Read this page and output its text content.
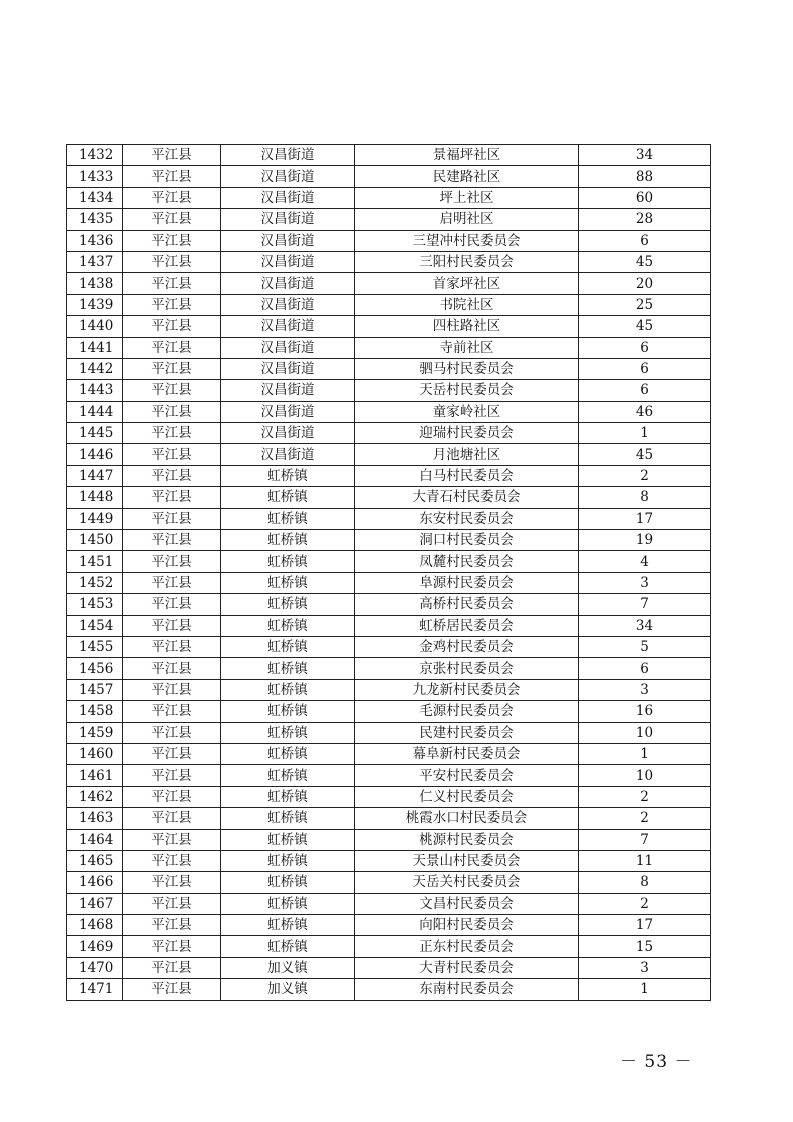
1432	平江县	汉昌街道	景福坪社区	34
1433	平江县	汉昌街道	民建路社区	88
1434	平江县	汉昌街道	坪上社区	60
1435	平江县	汉昌街道	启明社区	28
1436	平江县	汉昌街道	三望冲村民委员会	6
1437	平江县	汉昌街道	三阳村民委员会	45
1438	平江县	汉昌街道	首家坪社区	20
1439	平江县	汉昌街道	书院社区	25
1440	平江县	汉昌街道	四柱路社区	45
1441	平江县	汉昌街道	寺前社区	6
1442	平江县	汉昌街道	驷马村民委员会	6
1443	平江县	汉昌街道	天岳村民委员会	6
1444	平江县	汉昌街道	童家岭社区	46
1445	平江县	汉昌街道	迎瑞村民委员会	1
1446	平江县	汉昌街道	月池塘社区	45
1447	平江县	虹桥镇	白马村民委员会	2
1448	平江县	虹桥镇	大青石村民委员会	8
1449	平江县	虹桥镇	东安村民委员会	17
1450	平江县	虹桥镇	洞口村民委员会	19
1451	平江县	虹桥镇	凤麓村民委员会	4
1452	平江县	虹桥镇	阜源村民委员会	3
1453	平江县	虹桥镇	高桥村民委员会	7
1454	平江县	虹桥镇	虹桥居民委员会	34
1455	平江县	虹桥镇	金鸡村民委员会	5
1456	平江县	虹桥镇	京张村民委员会	6
1457	平江县	虹桥镇	九龙新村民委员会	3
1458	平江县	虹桥镇	毛源村民委员会	16
1459	平江县	虹桥镇	民建村民委员会	10
1460	平江县	虹桥镇	幕阜新村民委员会	1
1461	平江县	虹桥镇	平安村民委员会	10
1462	平江县	虹桥镇	仁义村民委员会	2
1463	平江县	虹桥镇	桃霞水口村民委员会	2
1464	平江县	虹桥镇	桃源村民委员会	7
1465	平江县	虹桥镇	天景山村民委员会	11
1466	平江县	虹桥镇	天岳关村民委员会	8
1467	平江县	虹桥镇	文昌村民委员会	2
1468	平江县	虹桥镇	向阳村民委员会	17
1469	平江县	虹桥镇	正东村民委员会	15
1470	平江县	加义镇	大青村民委员会	3
1471	平江县	加义镇	东南村民委员会	1
－ 53 －
